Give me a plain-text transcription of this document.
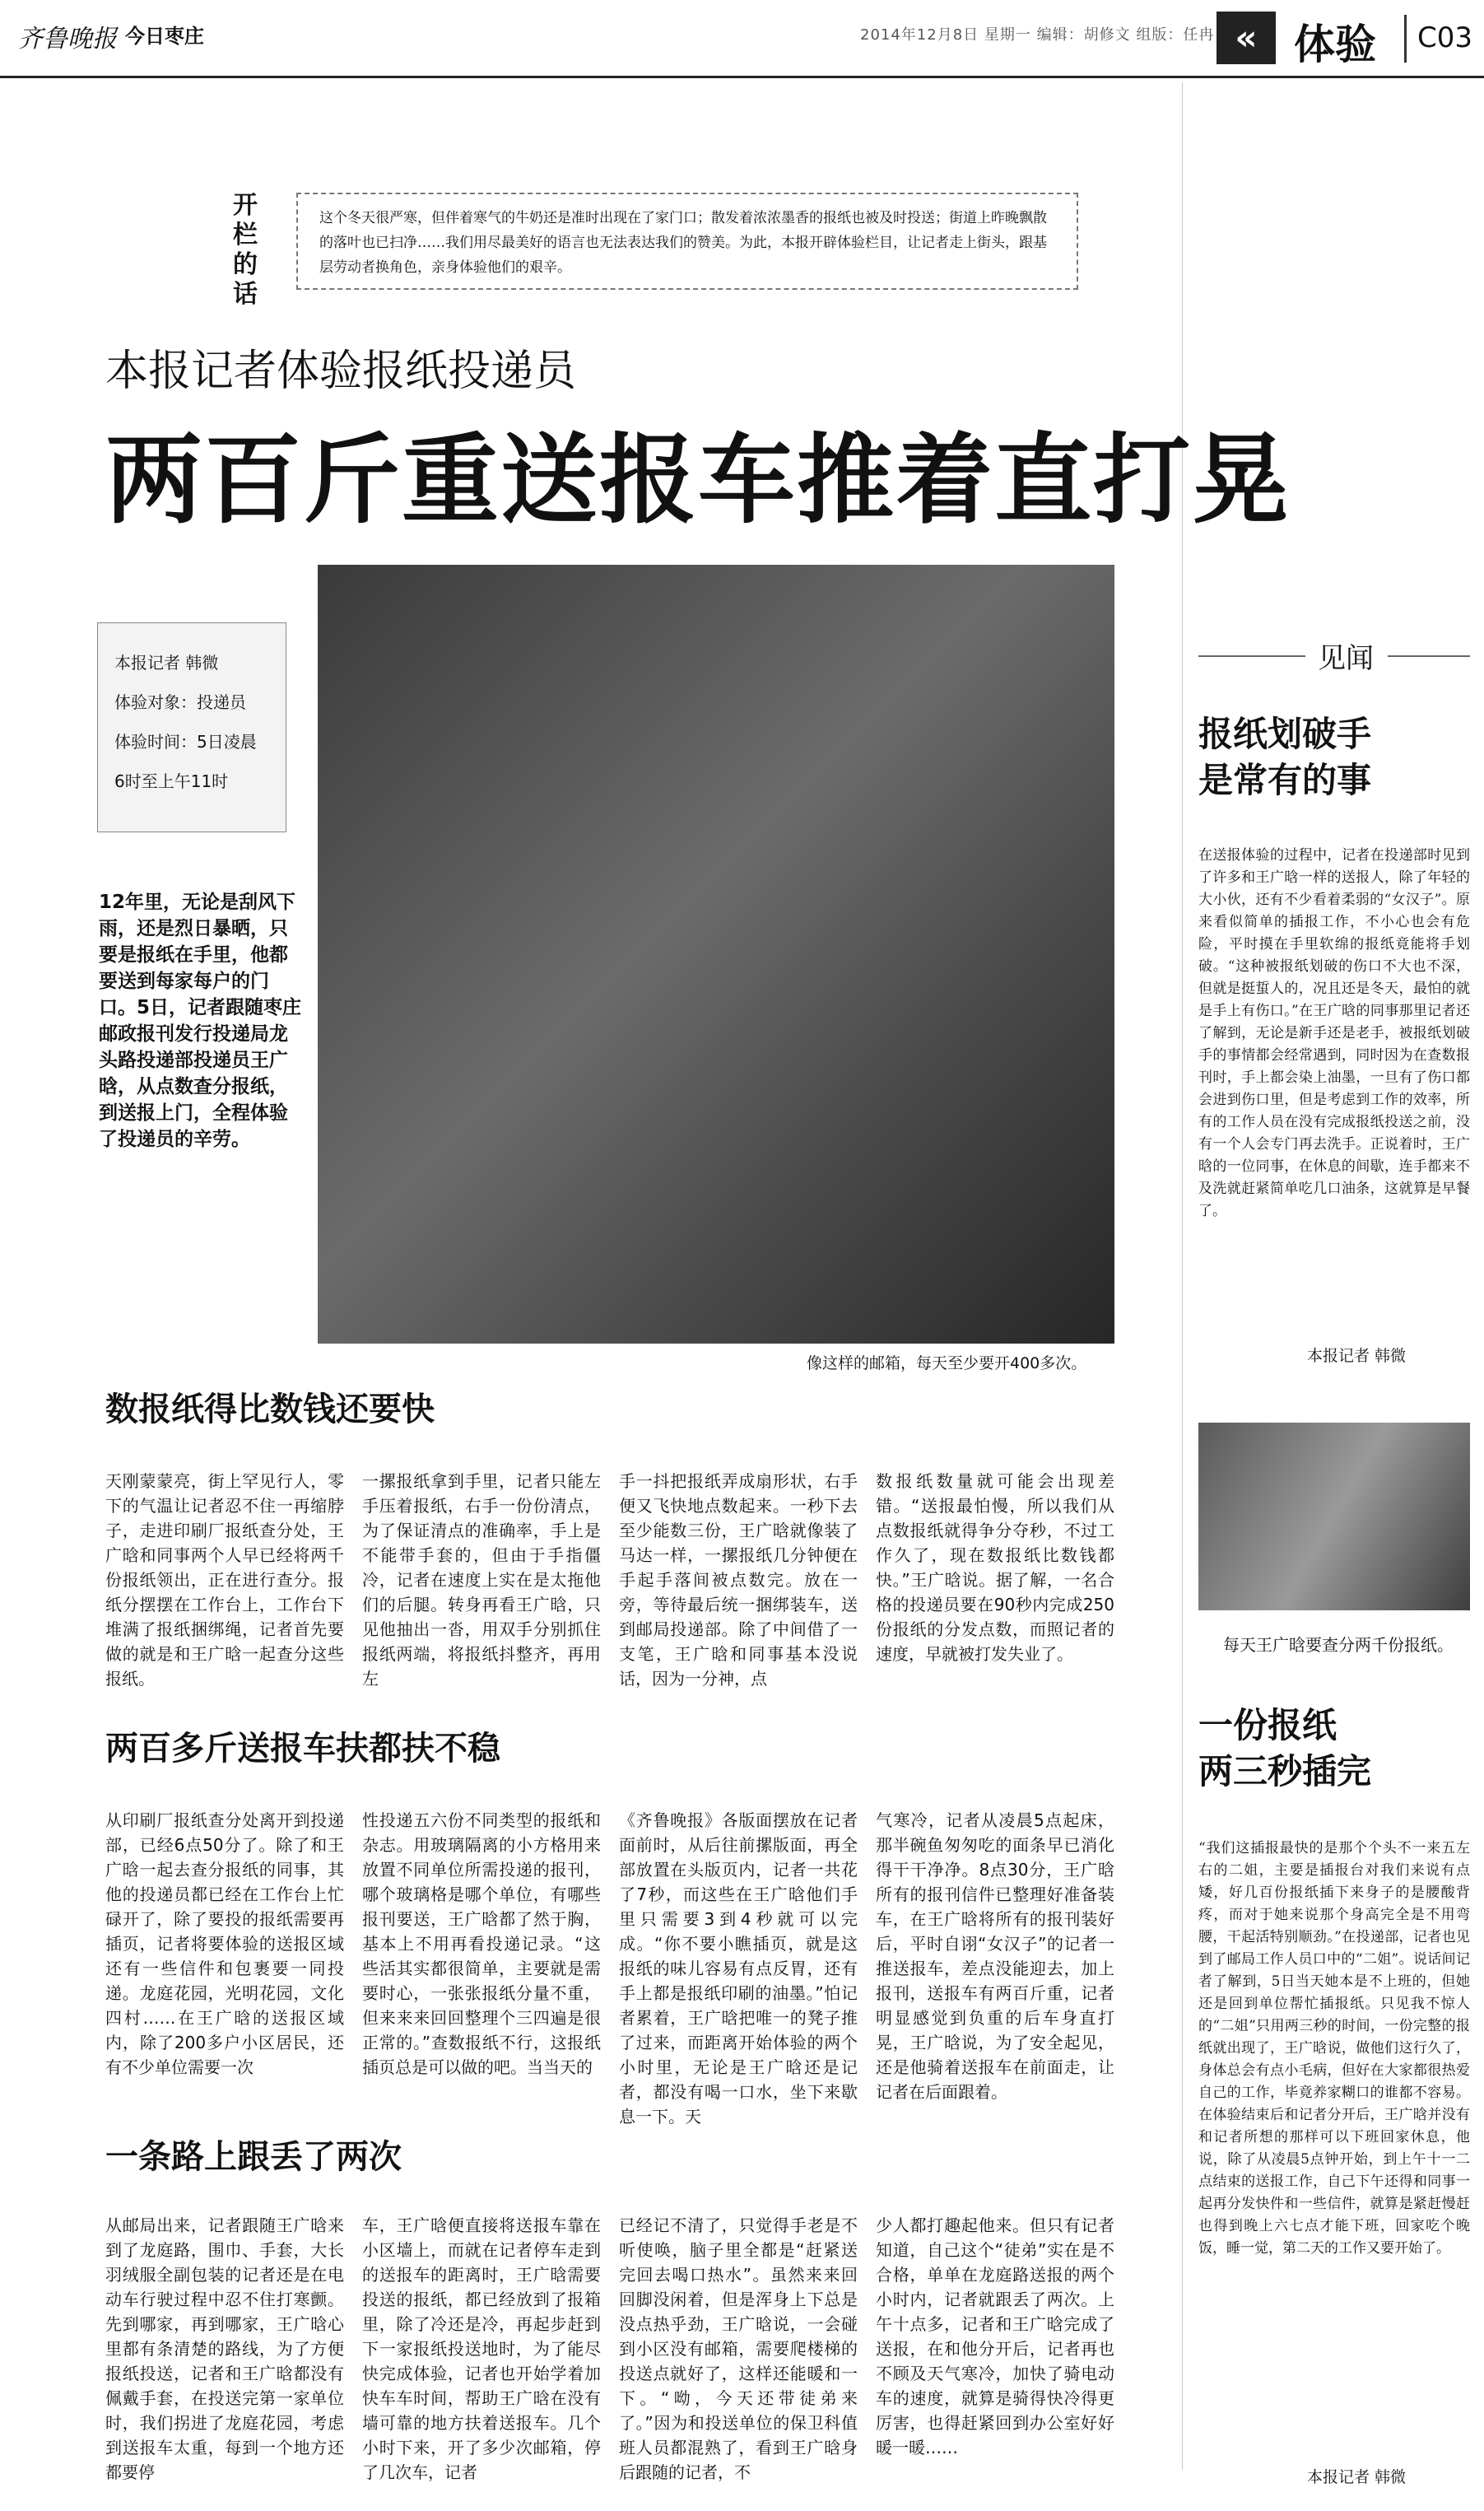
齐鲁晚报 今日枣庄	2014年12月8日 星期一 编辑：胡修文 组版：任冉 « 体验 C03
开栏的话
这个冬天很严寒，但伴着寒气的牛奶还是准时出现在了家门口；散发着浓浓墨香的报纸也被及时投送；街道上昨晚飘散的落叶也已扫净……我们用尽最美好的语言也无法表达我们的赞美。为此，本报开辟体验栏目，让记者走上街头，跟基层劳动者换角色，亲身体验他们的艰辛。
本报记者体验报纸投递员
两百斤重送报车推着直打晃
本报记者 韩微
体验对象：投递员
体验时间：5日凌晨
6时至上午11时
12年里，无论是刮风下雨，还是烈日暴晒，只要是报纸在手里，他都要送到每家每户的门口。5日，记者跟随枣庄邮政报刊发行投递局龙头路投递部投递员王广晗，从点数查分报纸，到送报上门，全程体验了投递员的辛劳。
像这样的邮箱，每天至少要开400多次。
数报纸得比数钱还要快
天刚蒙蒙亮，街上罕见行人，零下的气温让记者忍不住一再缩脖子，走进印刷厂报纸查分处，王广晗和同事两个人早已经将两千份报纸领出，正在进行查分。报纸分摆摆在工作台上，工作台下堆满了报纸捆绑绳，记者首先要做的就是和王广晗一起查分这些报纸。
一摞报纸拿到手里，记者只能左手压着报纸，右手一份份清点，为了保证清点的准确率，手上是不能带手套的，但由于手指僵冷，记者在速度上实在是太拖他们的后腿。转身再看王广晗，只见他抽出一沓，用双手分别抓住报纸两端，将报纸抖整齐，再用左
手一抖把报纸弄成扇形状，右手便又飞快地点数起来。一秒下去至少能数三份，王广晗就像装了马达一样，一摞报纸几分钟便在手起手落间被点数完。放在一旁，等待最后统一捆绑装车，送到邮局投递部。除了中间借了一支笔，王广晗和同事基本没说话，因为一分神，点
数报纸数量就可能会出现差错。“送报最怕慢，所以我们从点数报纸就得争分夺秒，不过工作久了，现在数报纸比数钱都快。”王广晗说。据了解，一名合格的投递员要在90秒内完成250份报纸的分发点数，而照记者的速度，早就被打发失业了。
两百多斤送报车扶都扶不稳
从印刷厂报纸查分处离开到投递部，已经6点50分了。除了和王广晗一起去查分报纸的同事，其他的投递员都已经在工作台上忙碌开了，除了要投的报纸需要再插页，记者将要体验的送报区域还有一些信件和包裹要一同投递。龙庭花园，光明花园，文化四村……在王广晗的送报区域内，除了200多户小区居民，还有不少单位需要一次
性投递五六份不同类型的报纸和杂志。用玻璃隔离的小方格用来放置不同单位所需投递的报刊，哪个玻璃格是哪个单位，有哪些报刊要送，王广晗都了然于胸，基本上不用再看投递记录。“这些活其实都很简单，主要就是需要时心，一张张报纸分量不重，但来来来回回整理个三四遍是很正常的。”查数报纸不行，这报纸插页总是可以做的吧。当当天的
《齐鲁晚报》各版面摆放在记者面前时，从后往前摞版面，再全部放置在头版页内，记者一共花了7秒，而这些在王广晗他们手里只需要3到4秒就可以完成。“你不要小瞧插页，就是这报纸的味儿容易有点反胃，还有手上都是报纸印刷的油墨。”怕记者累着，王广晗把唯一的凳子推了过来，而距离开始体验的两个小时里，无论是王广晗还是记者，都没有喝一口水，坐下来歇息一下。天
气寒冷，记者从凌晨5点起床，那半碗鱼匆匆吃的面条早已消化得干干净净。8点30分，王广晗所有的报刊信件已整理好准备装车，在王广晗将所有的报刊装好后，平时自诩“女汉子”的记者一推送报车，差点没能迎去，加上报刊，送报车有两百斤重，记者明显感觉到负重的后车身直打晃，王广晗说，为了安全起见，还是他骑着送报车在前面走，让记者在后面跟着。
一条路上跟丢了两次
从邮局出来，记者跟随王广晗来到了龙庭路，围巾、手套，大长羽绒服全副包装的记者还是在电动车行驶过程中忍不住打寒颤。先到哪家，再到哪家，王广晗心里都有条清楚的路线，为了方便报纸投送，记者和王广晗都没有佩戴手套，在投送完第一家单位时，我们拐进了龙庭花园，考虑到送报车太重，每到一个地方还都要停
车，王广晗便直接将送报车靠在小区墙上，而就在记者停车走到的送报车的距离时，王广晗需要投送的报纸，都已经放到了报箱里，除了冷还是冷，再起步赶到下一家报纸投送地时，为了能尽快完成体验，记者也开始学着加快车车时间，帮助王广晗在没有墙可靠的地方扶着送报车。几个小时下来，开了多少次邮箱，停了几次车，记者
已经记不清了，只觉得手老是不听使唤，脑子里全都是“赶紧送完回去喝口热水”。虽然来来回回脚没闲着，但是浑身上下总是没点热乎劲，王广晗说，一会碰到小区没有邮箱，需要爬楼梯的投送点就好了，这样还能暖和一下。“呦，今天还带徒弟来了。”因为和投送单位的保卫科值班人员都混熟了，看到王广晗身后跟随的记者，不
少人都打趣起他来。但只有记者知道，自己这个“徒弟”实在是不合格，单单在龙庭路送报的两个小时内，记者就跟丢了两次。上午十点多，记者和王广晗完成了送报，在和他分开后，记者再也不顾及天气寒冷，加快了骑电动车的速度，就算是骑得快冷得更厉害，也得赶紧回到办公室好好暖一暖……
见闻
报纸划破手
是常有的事
在送报体验的过程中，记者在投递部时见到了许多和王广晗一样的送报人，除了年轻的大小伙，还有不少看着柔弱的“女汉子”。原来看似简单的插报工作，不小心也会有危险，平时摸在手里软绵的报纸竟能将手划破。“这种被报纸划破的伤口不大也不深，但就是挺蜇人的，况且还是冬天，最怕的就是手上有伤口。”在王广晗的同事那里记者还了解到，无论是新手还是老手，被报纸划破手的事情都会经常遇到，同时因为在查数报刊时，手上都会染上油墨，一旦有了伤口都会进到伤口里，但是考虑到工作的效率，所有的工作人员在没有完成报纸投送之前，没有一个人会专门再去洗手。正说着时，王广晗的一位同事，在休息的间歇，连手都来不及洗就赶紧简单吃几口油条，这就算是早餐了。
本报记者 韩微
每天王广晗要查分两千份报纸。
一份报纸
两三秒插完
“我们这插报最快的是那个个头不一来五左右的二姐，主要是插报台对我们来说有点矮，好几百份报纸插下来身子的是腰酸背疼，而对于她来说那个身高完全是不用弯腰，干起活特别顺劲。”在投递部，记者也见到了邮局工作人员口中的“二姐”。说话间记者了解到，5日当天她本是不上班的，但她还是回到单位帮忙插报纸。只见我不惊人的“二姐”只用两三秒的时间，一份完整的报纸就出现了，王广晗说，做他们这行久了，身体总会有点小毛病，但好在大家都很热爱自己的工作，毕竟养家糊口的谁都不容易。在体验结束后和记者分开后，王广晗并没有和记者所想的那样可以下班回家休息，他说，除了从凌晨5点钟开始，到上午十一二点结束的送报工作，自己下午还得和同事一起再分发快件和一些信件，就算是紧赶慢赶也得到晚上六七点才能下班，回家吃个晚饭，睡一觉，第二天的工作又要开始了。
本报记者 韩微
